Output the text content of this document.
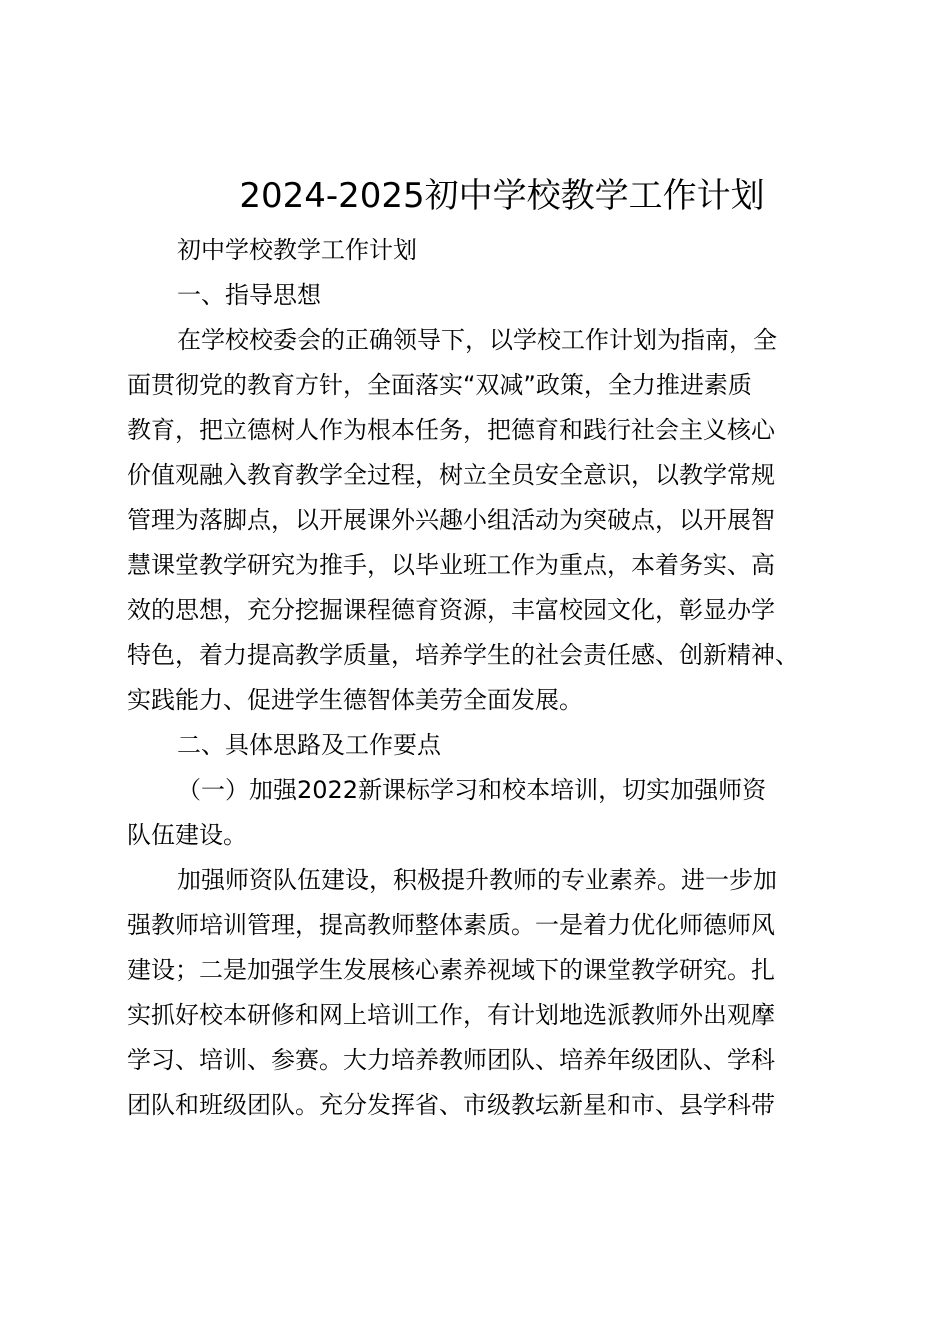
2024-2025初中学校教学工作计划
初中学校教学工作计划
一、指导思想
在学校校委会的正确领导下，以学校工作计划为指南，全
面贯彻党的教育方针，全面落实“双减”政策，全力推进素质
教育，把立德树人作为根本任务，把德育和践行社会主义核心
价值观融入教育教学全过程，树立全员安全意识，以教学常规
管理为落脚点，以开展课外兴趣小组活动为突破点，以开展智
慧课堂教学研究为推手，以毕业班工作为重点，本着务实、高
效的思想，充分挖掘课程德育资源，丰富校园文化，彰显办学
特色，着力提高教学质量，培养学生的社会责任感、创新精神、
实践能力、促进学生德智体美劳全面发展。
二、具体思路及工作要点
（一）加强2022新课标学习和校本培训，切实加强师资
队伍建设。
加强师资队伍建设，积极提升教师的专业素养。进一步加
强教师培训管理，提高教师整体素质。一是着力优化师德师风
建设；二是加强学生发展核心素养视域下的课堂教学研究。扎
实抓好校本研修和网上培训工作，有计划地选派教师外出观摩
学习、培训、参赛。大力培养教师团队、培养年级团队、学科
团队和班级团队。充分发挥省、市级教坛新星和市、县学科带
